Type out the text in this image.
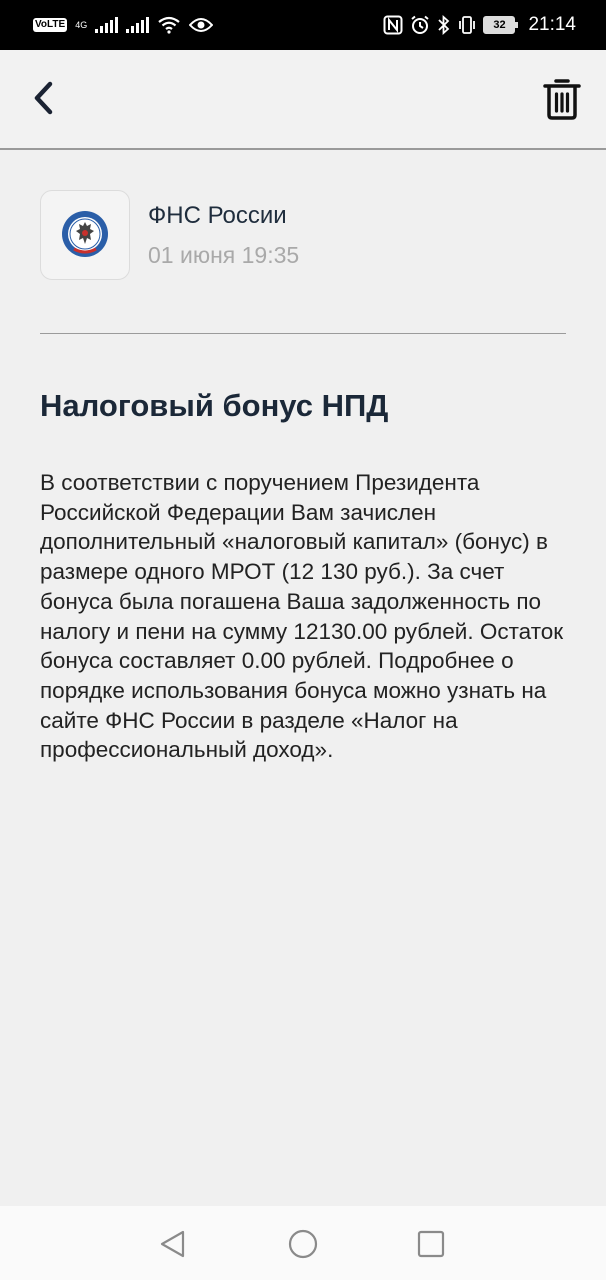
VoLTE 4G	32	21:14
ФНС России
01 июня 19:35
Налоговый бонус НПД
В соответствии с поручением Президента Российской Федерации Вам зачислен дополнительный «налоговый капитал» (бонус) в размере одного МРОТ (12 130 руб.). За счет бонуса была погашена Ваша задолженность по налогу и пени на сумму 12130.00 рублей. Остаток бонуса составляет 0.00 рублей. Подробнее о порядке использования бонуса можно узнать на сайте ФНС России в разделе «Налог на профессиональный доход».
